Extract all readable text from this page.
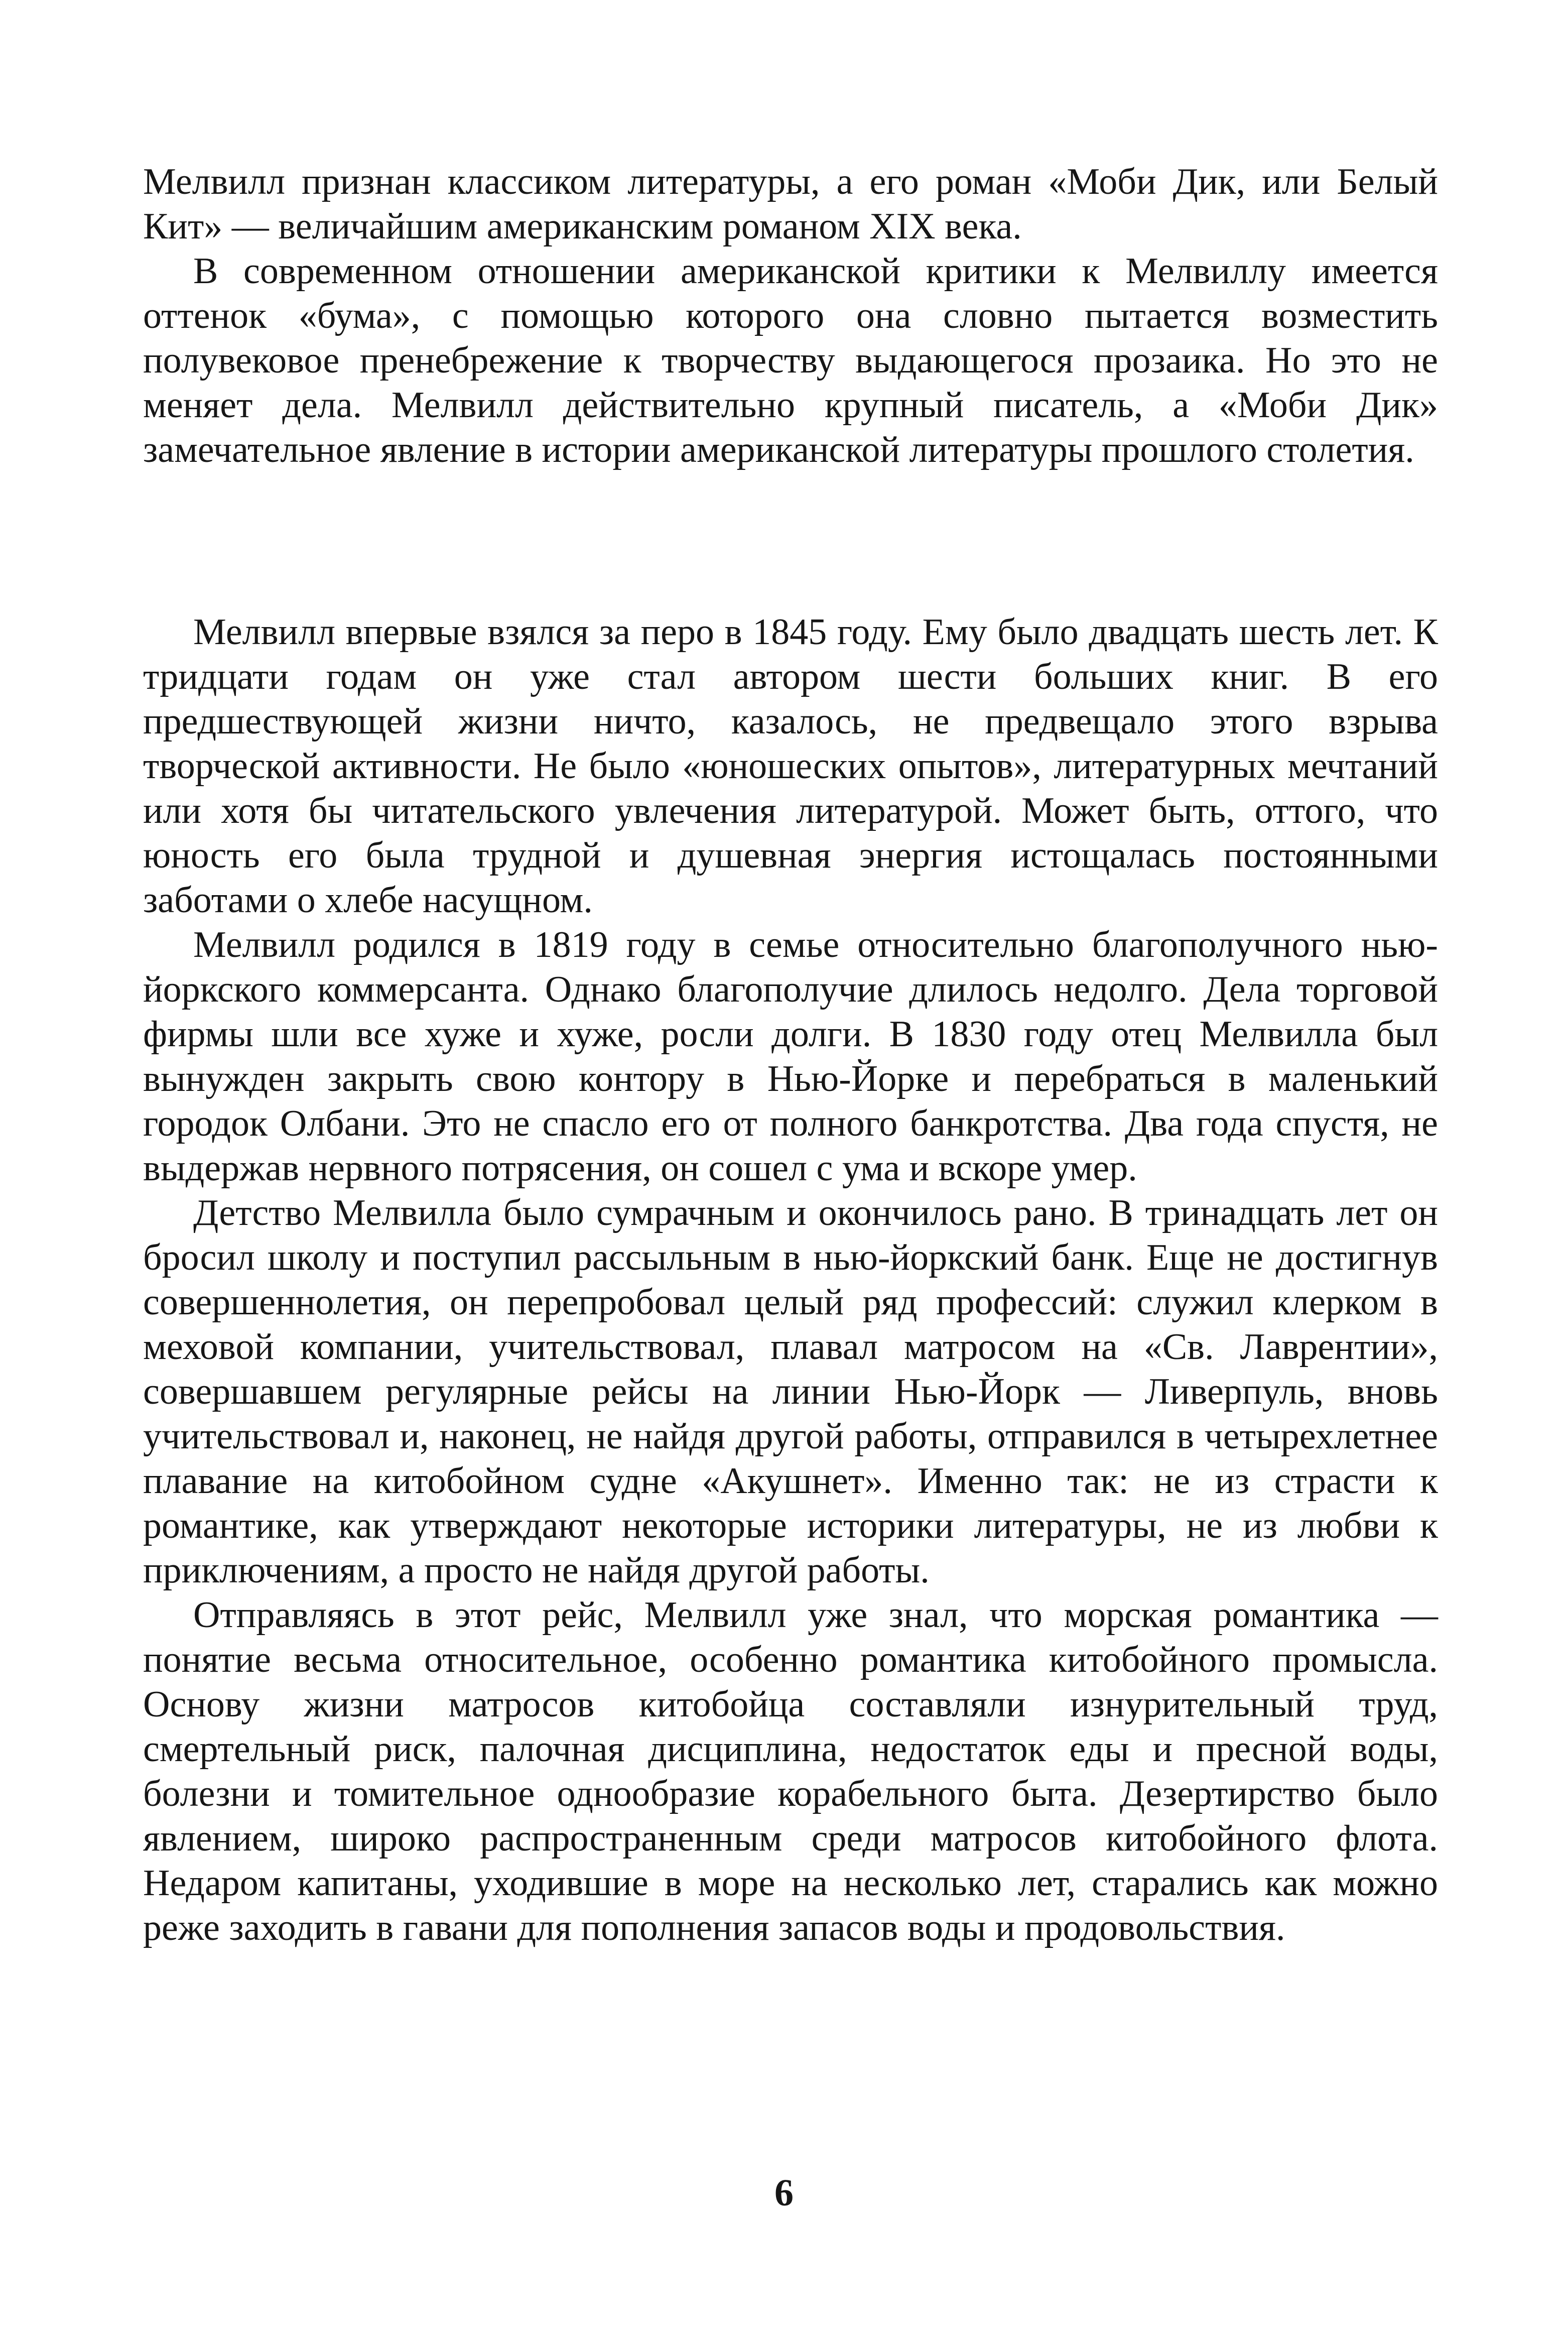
Мелвилл признан классиком литературы, а его роман «Моби Дик, или Белый Кит» — величайшим американским романом XIX века.

В современном отношении американской критики к Мелвиллу имеется оттенок «бума», с помощью которого она словно пытается возместить полувековое пренебрежение к творчеству выдающегося прозаика. Но это не меняет дела. Мелвилл действительно крупный писатель, а «Моби Дик» замечательное явление в истории американской литературы прошлого столетия.

Мелвилл впервые взялся за перо в 1845 году. Ему было двадцать шесть лет. К тридцати годам он уже стал автором шести больших книг. В его предшествующей жизни ничто, казалось, не предвещало этого взрыва творческой активности. Не было «юношеских опытов», литературных мечтаний или хотя бы читательского увлечения литературой. Может быть, оттого, что юность его была трудной и душевная энергия истощалась постоянными заботами о хлебе насущном.

Мелвилл родился в 1819 году в семье относительно благополучного нью-йоркского коммерсанта. Однако благополучие длилось недолго. Дела торговой фирмы шли все хуже и хуже, росли долги. В 1830 году отец Мелвилла был вынужден закрыть свою контору в Нью-Йорке и перебраться в маленький городок Олбани. Это не спасло его от полного банкротства. Два года спустя, не выдержав нервного потрясения, он сошел с ума и вскоре умер.

Детство Мелвилла было сумрачным и окончилось рано. В тринадцать лет он бросил школу и поступил рассыльным в нью-йоркский банк. Еще не достигнув совершеннолетия, он перепробовал целый ряд профессий: служил клерком в меховой компании, учительствовал, плавал матросом на «Св. Лаврентии», совершавшем регулярные рейсы на линии Нью-Йорк — Ливерпуль, вновь учительствовал и, наконец, не найдя другой работы, отправился в четырехлетнее плавание на китобойном судне «Акушнет». Именно так: не из страсти к романтике, как утверждают некоторые историки литературы, не из любви к приключениям, а просто не найдя другой работы.

Отправляясь в этот рейс, Мелвилл уже знал, что морская романтика — понятие весьма относительное, особенно романтика китобойного промысла. Основу жизни матросов китобойца составляли изнурительный труд, смертельный риск, палочная дисциплина, недостаток еды и пресной воды, болезни и томительное однообразие корабельного быта. Дезертирство было явлением, широко распространенным среди матросов китобойного флота. Недаром капитаны, уходившие в море на несколько лет, старались как можно реже заходить в гавани для пополнения запасов воды и продовольствия.

6
